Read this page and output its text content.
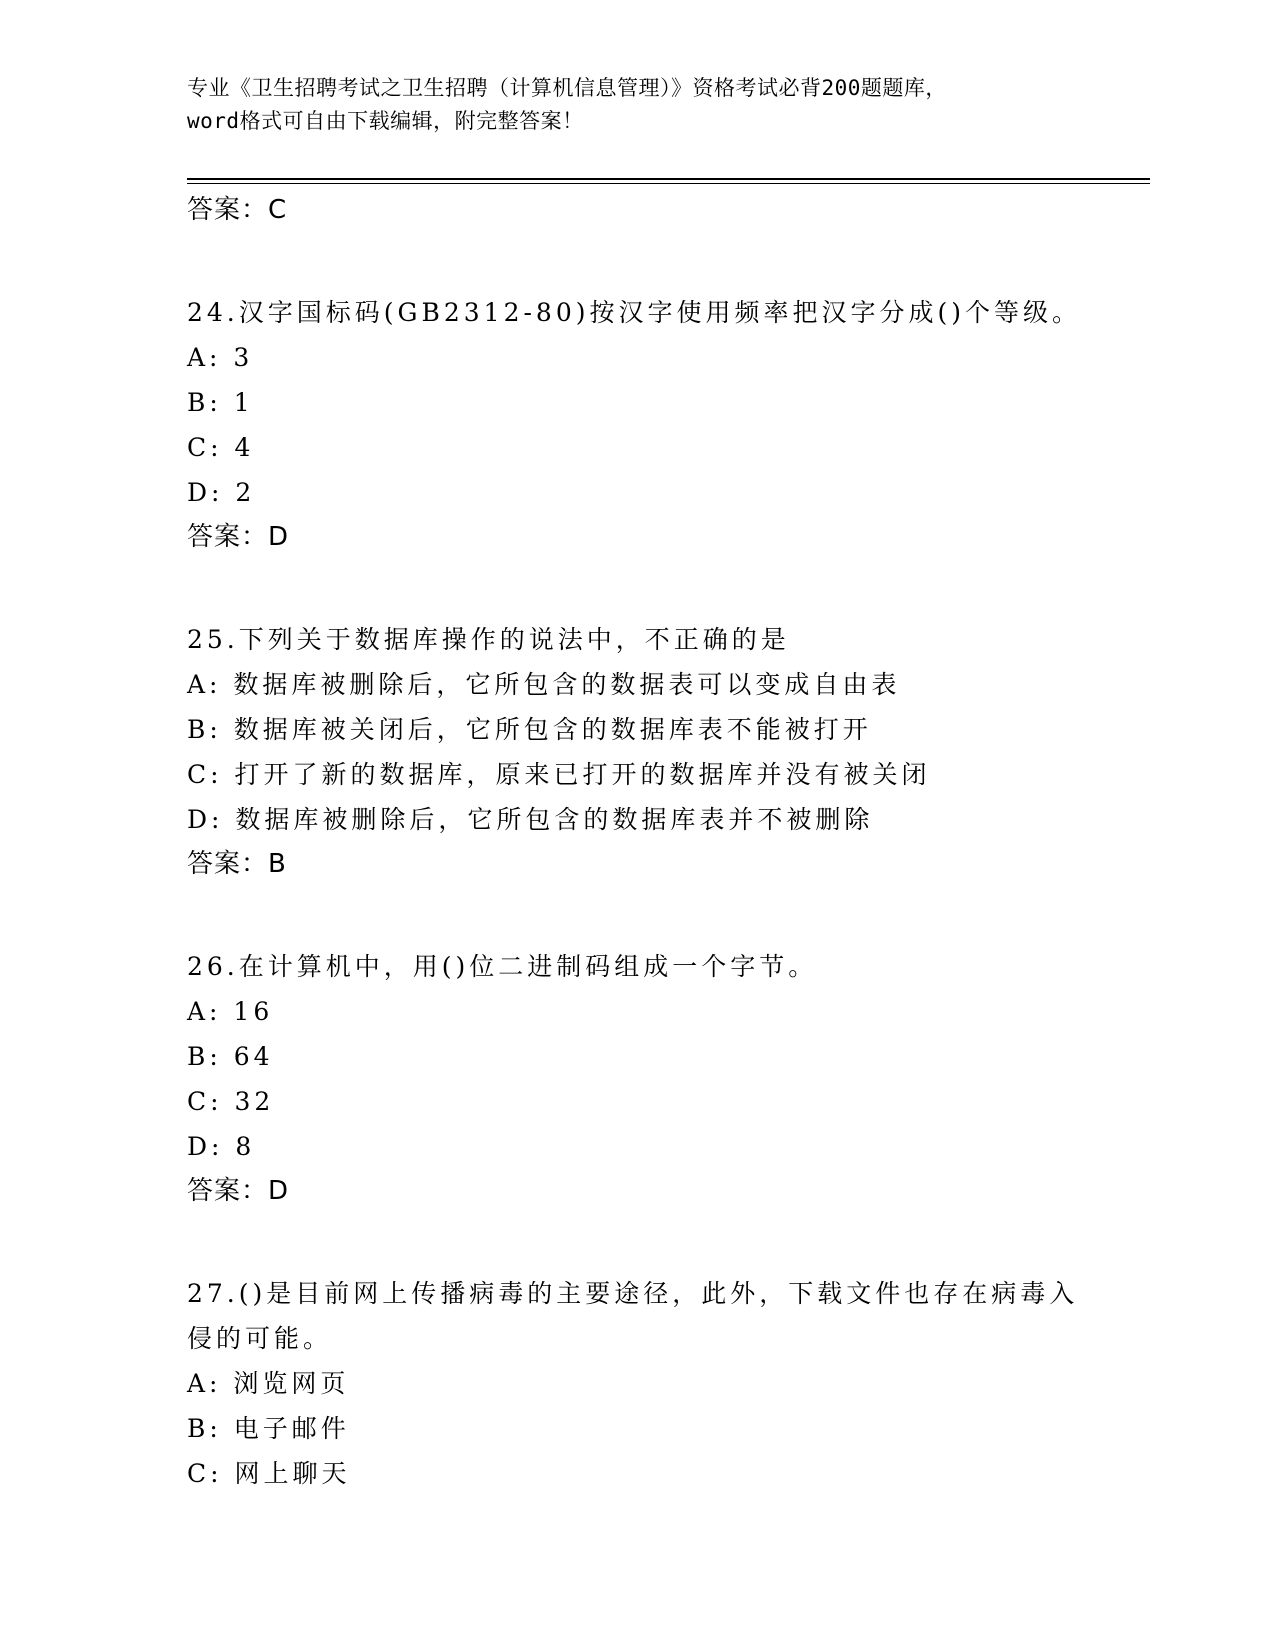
专业《卫生招聘考试之卫生招聘（计算机信息管理）》资格考试必背200题题库，
word格式可自由下载编辑，附完整答案！
答案：C
24.汉字国标码(GB2312-80)按汉字使用频率把汉字分成()个等级。
A: 3
B: 1
C: 4
D: 2
答案：D
25.下列关于数据库操作的说法中，不正确的是
A: 数据库被删除后，它所包含的数据表可以变成自由表
B: 数据库被关闭后，它所包含的数据库表不能被打开
C: 打开了新的数据库，原来已打开的数据库并没有被关闭
D: 数据库被删除后，它所包含的数据库表并不被删除
答案：B
26.在计算机中，用()位二进制码组成一个字节。
A: 16
B: 64
C: 32
D: 8
答案：D
27.()是目前网上传播病毒的主要途径，此外，下载文件也存在病毒入侵的可能。
A: 浏览网页
B: 电子邮件
C: 网上聊天
